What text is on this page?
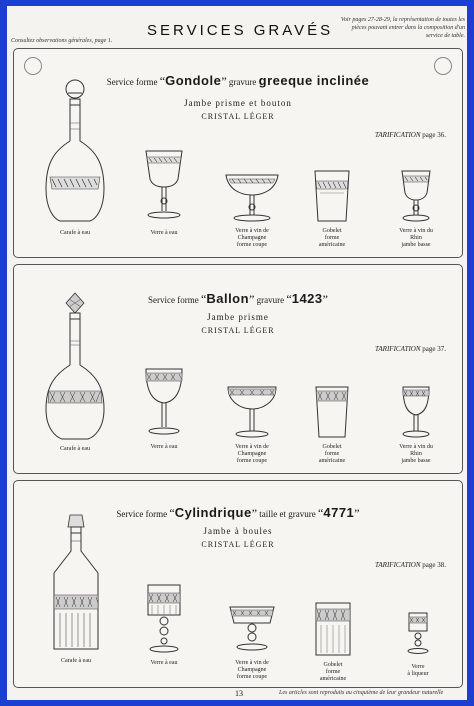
Consultez observations générales, page 1.
SERVICES GRAVÉS
Voir pages 27-28-29, la représentation de toutes les pièces pouvant entrer dans la composition d'un service de table.
Service forme “Gondole” gravure greeque inclinée
Jambe prisme et bouton
CRISTAL LÉGER
TARIFICATION page 36.
Carafe à eau	Verre à eau	Verre à vin de
Champagne
forme coupe
Gobelet
forme
américaine
Verre à vin du
Rhin
jambe basse
Service forme “Ballon” gravure “1423”
Jambe prisme
CRISTAL LÉGER
TARIFICATION page 37.
Carafe à eau	Verre à eau	Verre à vin de
Champagne
forme coupe
Gobelet
forme
américaine
Verre à vin du
Rhin
jambe basse
Service forme “Cylindrique” taille et gravure “4771”
Jambe à boules
CRISTAL LÉGER
TARIFICATION page 38.
Carafe à eau	Verre à eau	Verre à vin de
Champagne
forme coupe
Gobelet
forme
américaine
Verre
à liqueur
13	Les articles sont reproduits au cinquième de leur grandeur naturelle
